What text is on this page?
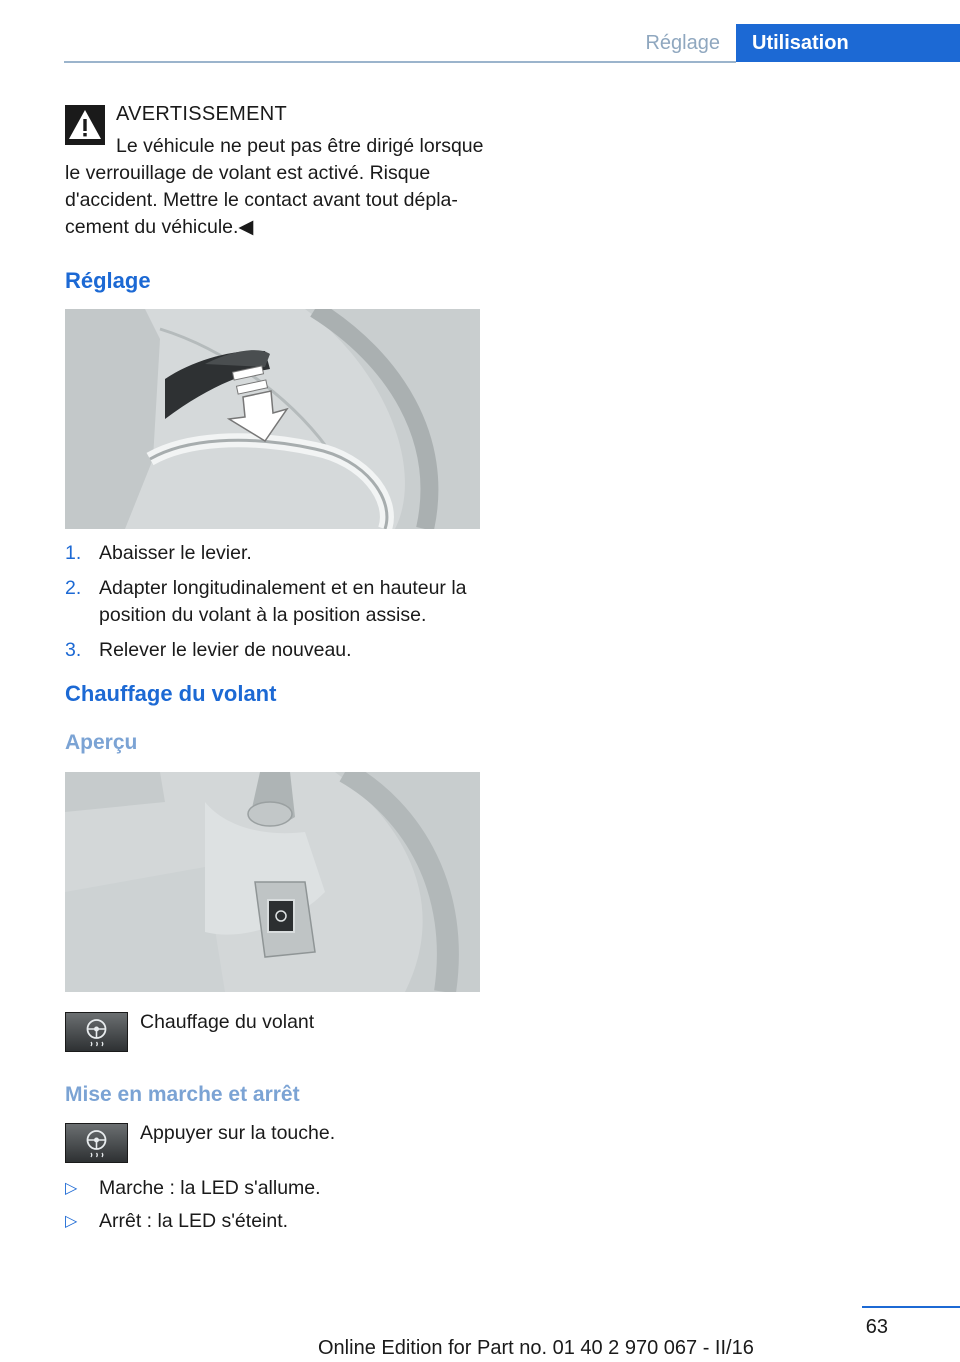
Réglage	Utilisation
AVERTISSEMENT

Le véhicule ne peut pas être dirigé lorsque le verrouillage de volant est activé. Risque d'accident. Mettre le contact avant tout déplacement du véhicule.◀

Réglage
1. Abaisser le levier.
2. Adapter longitudinalement et en hauteur la position du volant à la position assise.
3. Relever le levier de nouveau.
Chauffage du volant
Aperçu
Chauffage du volant
Mise en marche et arrêt
Appuyer sur la touche.
▷ Marche : la LED s'allume.
▷ Arrêt : la LED s'éteint.
63
Online Edition for Part no. 01 40 2 970 067 - II/16
